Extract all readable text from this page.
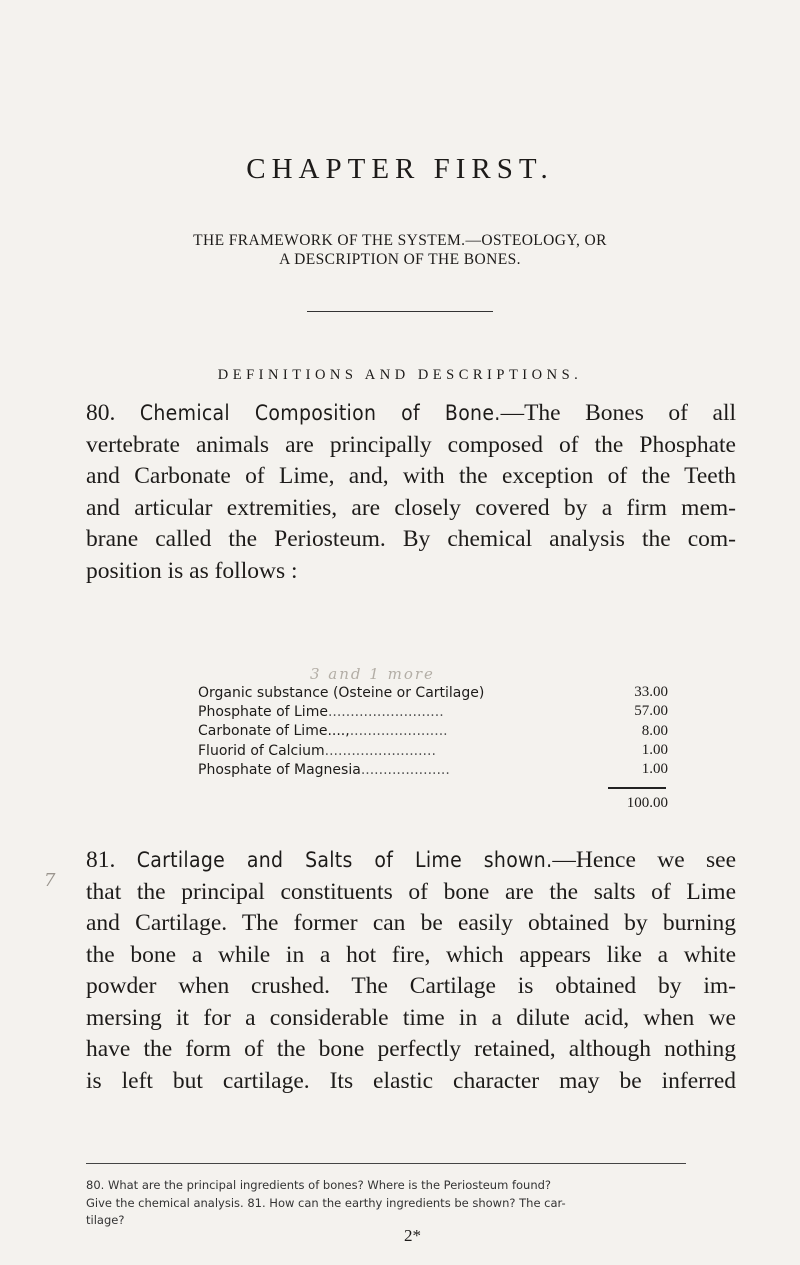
CHAPTER FIRST.
THE FRAMEWORK OF THE SYSTEM.—OSTEOLOGY, OR
A DESCRIPTION OF THE BONES.
DEFINITIONS AND DESCRIPTIONS.
80. Chemical Composition of Bone.—The Bones of all
vertebrate animals are principally composed of the Phosphate
and Carbonate of Lime, and, with the exception of the Teeth
and articular extremities, are closely covered by a firm mem-
brane called the Periosteum. By chemical analysis the com-
position is as follows :
3 and 1 more
Organic substance (Osteine or Cartilage)	33.00
Phosphate of Lime..........................	57.00
Carbonate of Lime....,......................	8.00
Fluorid of Calcium.........................	1.00
Phosphate of Magnesia....................	1.00
100.00
7
81. Cartilage and Salts of Lime shown.—Hence we see
that the principal constituents of bone are the salts of Lime
and Cartilage. The former can be easily obtained by burning
the bone a while in a hot fire, which appears like a white
powder when crushed. The Cartilage is obtained by im-
mersing it for a considerable time in a dilute acid, when we
have the form of the bone perfectly retained, although nothing
is left but cartilage. Its elastic character may be inferred
80. What are the principal ingredients of bones? Where is the Periosteum found?
Give the chemical analysis. 81. How can the earthy ingredients be shown? The car-
tilage?
2*
